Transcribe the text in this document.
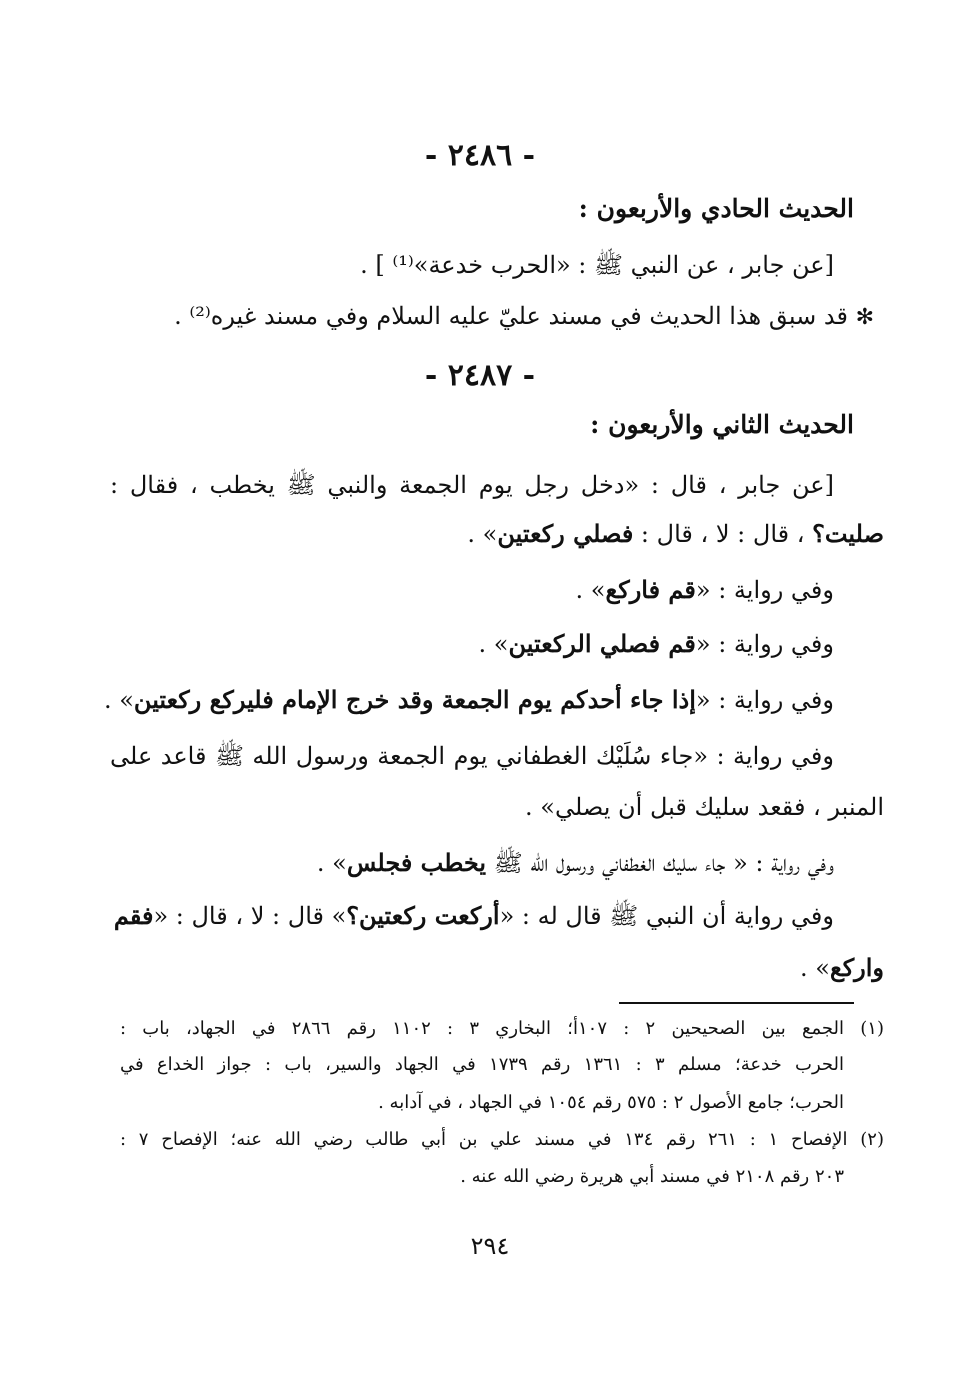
- ٢٤٨٦ -
الحديث الحادي والأربعون :
[عن جابر ، عن النبي ﷺ : «الحرب خدعة»⁽¹⁾ ] .
✻ قد سبق هذا الحديث في مسند عليّ عليه السلام وفي مسند غيره⁽²⁾ .
- ٢٤٨٧ -
الحديث الثاني والأربعون :
[عن جابر ، قال : «دخل رجل يوم الجمعة والنبي ﷺ يخطب ، فقال :
صليت؟ ، قال : لا ، قال : فصلي ركعتين» .
وفي رواية : «قم فاركع» .
وفي رواية : «قم فصلي الركعتين» .
وفي رواية : «إذا جاء أحدكم يوم الجمعة وقد خرج الإمام فليركع ركعتين» .
وفي رواية : «جاء سُلَيْك الغطفاني يوم الجمعة ورسول الله ﷺ قاعد على
المنبر ، فقعد سليك قبل أن يصلي» .
وفي رواية : « جاء سليك الغطفاني ورسول الله ﷺ يخطب فجلس» .
وفي رواية أن النبي ﷺ قال له : «أركعت ركعتين؟» قال : لا ، قال : «فقم
واركع» .
(١) الجمع بين الصحيحين ٢ : ١٠٧أ؛ البخاري ٣ : ١١٠٢ رقم ٢٨٦٦ في الجهاد، باب :
الحرب خدعة؛ مسلم ٣ : ١٣٦١ رقم ١٧٣٩ في الجهاد والسير، باب : جواز الخداع في
الحرب؛ جامع الأصول ٢ : ٥٧٥ رقم ١٠٥٤ في الجهاد ، في آدابه .
(٢) الإفصاح ١ : ٢٦١ رقم ١٣٤ في مسند علي بن أبي طالب رضي الله عنه؛ الإفصاح ٧ :
٢٠٣ رقم ٢١٠٨ في مسند أبي هريرة رضي الله عنه .
٢٩٤
